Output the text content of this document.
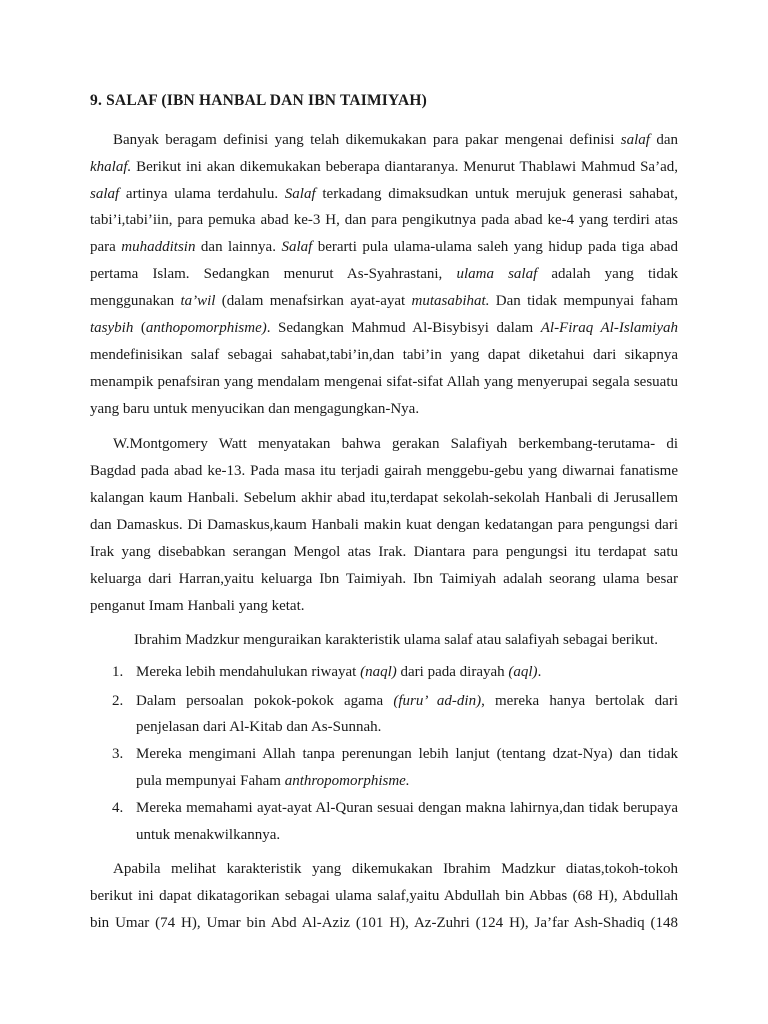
9. SALAF (IBN HANBAL DAN IBN TAIMIYAH)
Banyak beragam definisi yang telah dikemukakan para pakar mengenai definisi salaf dan
khalaf. Berikut ini akan dikemukakan beberapa diantaranya. Menurut Thablawi Mahmud Sa’ad,
salaf artinya ulama terdahulu. Salaf terkadang dimaksudkan untuk merujuk generasi sahabat,
tabi’i,tabi’iin, para pemuka abad ke-3 H, dan para pengikutnya pada abad ke-4 yang terdiri atas
para muhadditsin dan lainnya. Salaf berarti pula ulama-ulama saleh yang hidup pada tiga abad
pertama Islam. Sedangkan menurut As-Syahrastani, ulama salaf adalah yang tidak
menggunakan ta’wil (dalam menafsirkan ayat-ayat mutasabihat. Dan tidak mempunyai faham
tasybih (anthopomorphisme). Sedangkan Mahmud Al-Bisybisyi dalam Al-Firaq Al-Islamiyah
mendefinisikan salaf sebagai sahabat,tabi’in,dan tabi’in yang dapat diketahui dari sikapnya
menampik penafsiran yang mendalam mengenai sifat-sifat Allah yang menyerupai segala sesuatu
yang baru untuk menyucikan dan mengagungkan-Nya.
W.Montgomery Watt menyatakan bahwa gerakan Salafiyah berkembang-terutama- di
Bagdad pada abad ke-13. Pada masa itu terjadi gairah menggebu-gebu yang diwarnai fanatisme
kalangan kaum Hanbali. Sebelum akhir abad itu,terdapat sekolah-sekolah Hanbali di Jerusallem
dan Damaskus. Di Damaskus,kaum Hanbali makin kuat dengan kedatangan para pengungsi dari
Irak yang disebabkan serangan Mengol atas Irak. Diantara para pengungsi itu terdapat satu
keluarga dari Harran,yaitu keluarga Ibn Taimiyah. Ibn Taimiyah adalah seorang ulama besar
penganut Imam Hanbali yang ketat.
Ibrahim Madzkur menguraikan karakteristik ulama salaf atau salafiyah sebagai berikut.
1. Mereka lebih mendahulukan riwayat (naql) dari pada dirayah (aql).
2. Dalam persoalan pokok-pokok agama (furu’ ad-din), mereka hanya bertolak dari
penjelasan dari Al-Kitab dan As-Sunnah.
3. Mereka mengimani Allah tanpa perenungan lebih lanjut (tentang dzat-Nya) dan tidak
pula mempunyai Faham anthropomorphisme.
4. Mereka memahami ayat-ayat Al-Quran sesuai dengan makna lahirnya,dan tidak berupaya
untuk menakwilkannya.
Apabila melihat karakteristik yang dikemukakan Ibrahim Madzkur diatas,tokoh-tokoh
berikut ini dapat dikatagorikan sebagai ulama salaf,yaitu Abdullah bin Abbas (68 H), Abdullah
bin Umar (74 H), Umar bin Abd Al-Aziz (101 H), Az-Zuhri (124 H), Ja’far Ash-Shadiq (148
